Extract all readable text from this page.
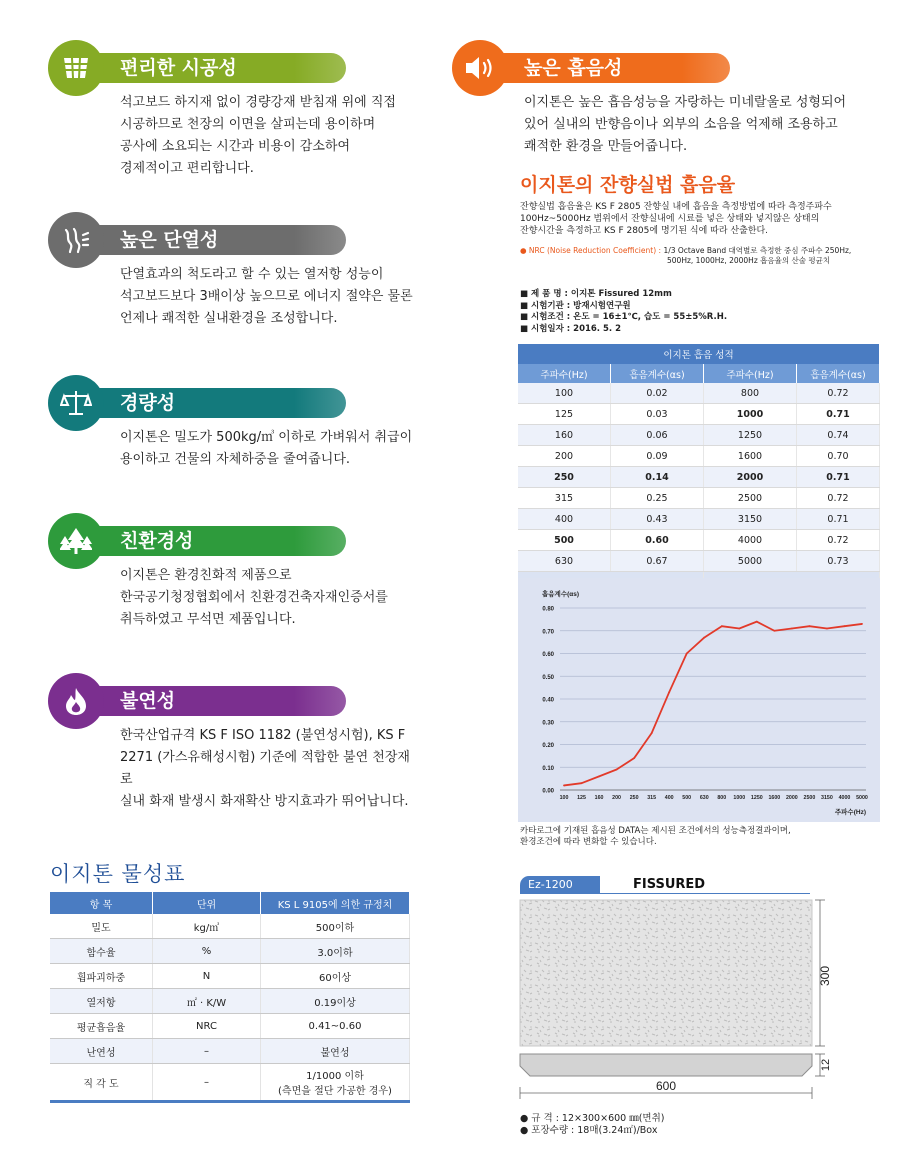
편리한 시공성
석고보드 하지재 없이 경량강재 받침재 위에 직접
시공하므로 천장의 이면을 살피는데 용이하며
공사에 소요되는 시간과 비용이 감소하여
경제적이고 편리합니다.
높은 단열성
단열효과의 척도라고 할 수 있는 열저항 성능이
석고보드보다 3배이상 높으므로 에너지 절약은 물론
언제나 쾌적한 실내환경을 조성합니다.
경량성
이지톤은 밀도가 500kg/㎥ 이하로 가벼워서 취급이
용이하고 건물의 자체하중을 줄여줍니다.
친환경성
이지톤은 환경친화적 제품으로
한국공기청정협회에서 친환경건축자재인증서를
취득하였고 무석면 제품입니다.
불연성
한국산업규격 KS F ISO 1182 (불연성시험), KS F
2271 (가스유해성시험) 기준에 적합한 불연 천장재로
실내 화재 발생시 화재확산 방지효과가 뛰어납니다.
이지톤 물성표
항 목	단위	KS L 9105에 의한 규정치
밀도	kg/㎥	500이하
함수율	%	3.0이하
휨파괴하중	N	60이상
열저항	㎡ · K/W	0.19이상
평균흡음율	NRC	0.41~0.60
난연성	–	불연성
직 각 도	–	1/1000 이하
(측면을 절단 가공한 경우)
높은 흡음성
이지톤은 높은 흡음성능을 자랑하는 미네랄울로 성형되어
있어 실내의 반향음이나 외부의 소음을 억제해 조용하고
쾌적한 환경을 만들어줍니다.
이지톤의 잔향실법 흡음율
잔향실법 흡음율은 KS F 2805 잔향실 내에 흡음을 측정방법에 따라 측정주파수
100Hz~5000Hz 범위에서 잔향실내에 시료를 넣은 상태와 넣지않은 상태의
잔향시간을 측정하고 KS F 2805에 명기된 식에 따라 산출한다.
● NRC (Noise Reduction Coefficient) : 1/3 Octave Band 대역별로 측정한 중심 주파수 250Hz,
500Hz, 1000Hz, 2000Hz 흡음율의 산술 평균치
■ 제 품 명 : 이지톤 Fissured 12mm
■ 시험기관 : 방재시험연구원
■ 시험조건 : 온도 = 16±1℃, 습도 = 55±5%R.H.
■ 시험일자 : 2016. 5. 2
이지톤 흡음 성적			
주파수(Hz)	흡음계수(αs)	주파수(Hz)	흡음계수(αs)
100	0.02	800	0.72
125	0.03	1000	0.71
160	0.06	1250	0.74
200	0.09	1600	0.70
250	0.14	2000	0.71
315	0.25	2500	0.72
400	0.43	3150	0.71
500	0.60	4000	0.72
630	0.67	5000	0.73

0.00
0.10
0.20
0.30
0.40
0.50
0.60
0.70
0.80
100 125 160 200 250 315 400 500 630 800 1000 1250 1600 2000 2500 3150 4000 5000
흡음계수(αs)
주파수(Hz)
카타로그에 기재된 흡음성 DATA는 제시된 조건에서의 성능측정결과이며,
환경조건에 따라 변화할 수 있습니다.
Ez-1200	FISSURED
300
12
600
● 규 격 : 12×300×600 ㎜(면취)
● 포장수량 : 18매(3.24㎡)/Box
